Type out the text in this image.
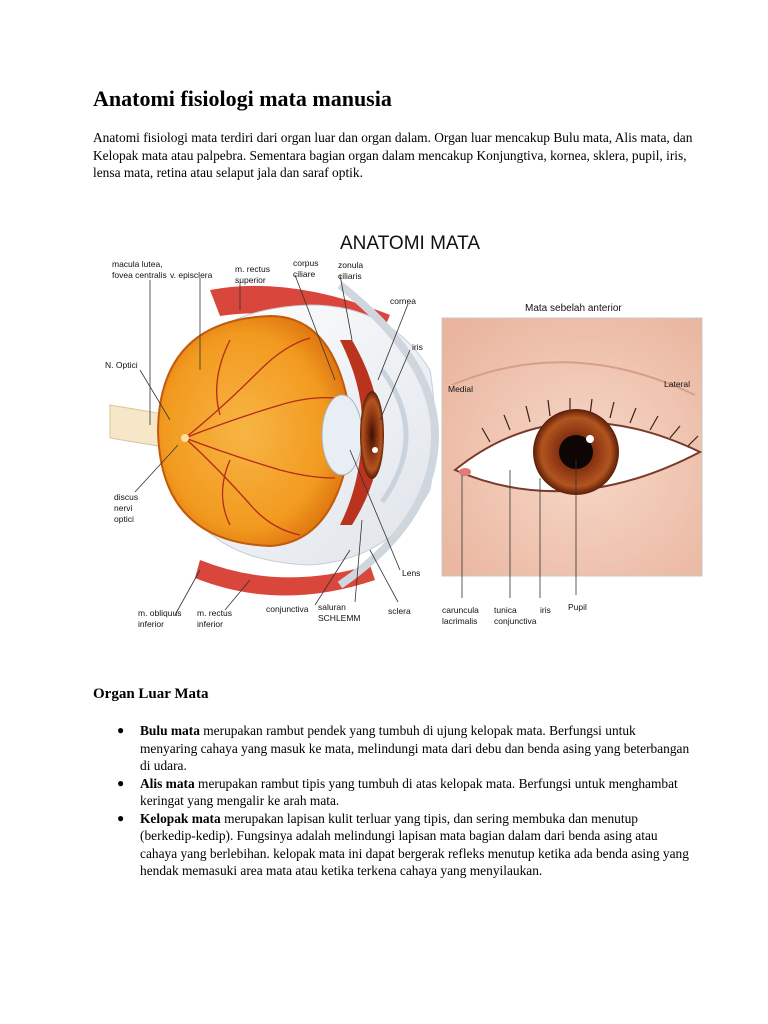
Anatomi fisiologi mata manusia

Anatomi fisiologi mata terdiri dari organ luar dan organ dalam. Organ luar mencakup Bulu mata, Alis mata, dan Kelopak mata atau palpebra. Sementara bagian organ dalam mencakup Konjungtiva, kornea, sklera, pupil, iris, lensa mata, retina atau selaput jala dan saraf optik.

ANATOMI MATA
macula lutea,
fovea centralis v. episclera
m. rectus
superior
corpus
ciliare
zonula
ciliaris
cornea
iris
N. Optici
discus
nervi
optici
Lens
m. obliquus
inferior
m. rectus
inferior
conjunctiva saluran
SCHLEMM
sclera
Mata sebelah anterior
Medial	Lateral
caruncula
lacrimalis
tunica
conjunctiva
iris Pupil
Organ Luar Mata
● Bulu mata merupakan rambut pendek yang tumbuh di ujung kelopak mata. Berfungsi untuk menyaring cahaya yang masuk ke mata, melindungi mata dari debu dan benda asing yang beterbangan di udara.
● Alis mata merupakan rambut tipis yang tumbuh di atas kelopak mata. Berfungsi untuk menghambat keringat yang mengalir ke arah mata.
● Kelopak mata merupakan lapisan kulit terluar yang tipis, dan sering membuka dan menutup (berkedip-kedip). Fungsinya adalah melindungi lapisan mata bagian dalam dari benda asing atau cahaya yang berlebihan. kelopak mata ini dapat bergerak refleks menutup ketika ada benda asing yang hendak memasuki area mata atau ketika terkena cahaya yang menyilaukan.
